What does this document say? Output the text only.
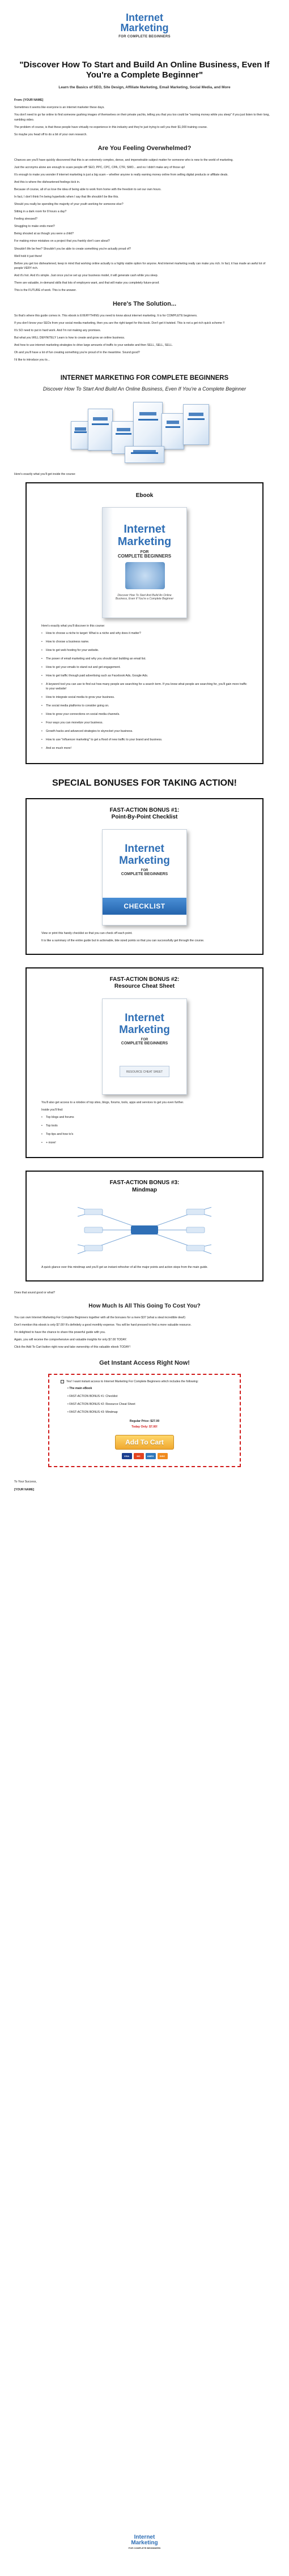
Internet
Marketing
FOR COMPLETE BEGINNERS
"Discover How To Start and Build An Online Business, Even If You're a Complete Beginner"
Learn the Basics of SEO, Site Design, Affiliate Marketing, Email Marketing, Social Media, and More

From: [YOUR NAME]

Sometimes it seems like everyone is an internet marketer these days.

You don't need to go far online to find someone gushing images of themselves on their private yachts, telling you that you too could be "earning money while you sleep" if you just listen to their long, rambling video.

The problem of course, is that these people have virtually no experience in this industry and they're just trying to sell you their $1,000 training course.

So maybe you head off to do a bit of your own research.

Are You Feeling Overwhelmed?

Chances are you'll have quickly discovered that this is an extremely complex, dense, and impenetrable subject matter for someone who is new to the world of marketing.

Just the acronyms alone are enough to scare people off! SEO, PPC, CPC, CPA, CTR, SMO... and no I didn't make any of those up!

It's enough to make you wonder if internet marketing is just a big scam – whether anyone is really earning money online from selling digital products or affiliate deals.

And this is where the disheartened feelings kick in.

Because of course, all of us love the idea of being able to work from home with the freedom to set our own hours.

In fact, I don't think I'm being hyperbolic when I say that life shouldn't be like this.

Should you really be spending the majority of your youth working for someone else?

Sitting in a dark room for 8 hours a day?

Feeling stressed?

Struggling to make ends meet?

Being shouted at as though you were a child?

For making minor mistakes on a project that you frankly don't care about?

Shouldn't life be free? Shouldn't you be able to create something you're actually proud of?

Well hold it just there!

Before you get too disheartened, keep in mind that working online actually is a highly viable option for anyone. And internet marketing really can make you rich. In fact, it has made an awful lot of people VERY rich.

And it's hot. And it's simple. Just once you've set up your business model, it will generate cash while you sleep.

There are valuable, in-demand skills that lots of employers want, and that will make you completely future-proof.

This is the FUTURE of work. This is the answer.

Here's The Solution...

So that's where this guide comes in. This ebook is EVERYTHING you need to know about internet marketing. It is for COMPLETE beginners.

If you don't know your SEOs from your social media marketing, then you are the right target for this book. Don't get it twisted. This is not a get rich quick scheme !!

It's SO need to put in hard work. And I'm not making any promises.

But what you WILL DEFINITELY Learn is how to create and grow an online business.

And how to use internet marketing strategies to drive large amounts of traffic to your website and then SELL, SELL, SELL.

Oh and you'll have a lot of fun creating something you're proud of in the meantime. Sound good?

I'd like to introduce you to...

INTERNET MARKETING FOR COMPLETE BEGINNERS
Discover How To Start And Build An Online Business, Even If You're a Complete Beginner

Here's exactly what you'll get inside the course:

Ebook
Internet
Marketing
FOR
COMPLETE BEGINNERS
Discover How To Start And Build An Online Business, Even If You're a Complete Beginner

Here's exactly what you'll discover in this course:

• How to choose a niche to target: What is a niche and why does it matter?
• How to choose a business name.
• How to get web hosting for your website.
• The power of email marketing and why you should start building an email list.
• How to get your emails to stand out and get engagement.
• How to get traffic through paid advertising such as Facebook Ads, Google Ads.
• A keyword tool you can use to find out how many people are searching for a search term. If you know what people are searching for, you'll gain more traffic to your website!
• How to integrate social media to grow your business.
• The social media platforms to consider going on.
• How to grow your connections on social media channels.
• Four ways you can monetize your business.
• Growth hacks and advanced strategies to skyrocket your business.
• How to use "influencer marketing" to get a flood of new traffic to your brand and business.
• And so much more!
SPECIAL BONUSES FOR TAKING ACTION!
FAST-ACTION BONUS #1:
Point-By-Point Checklist
Internet
Marketing
FOR
COMPLETE BEGINNERS
CHECKLIST

View or print this handy checklist so that you can check off each point.

It is like a summary of the entire guide but in actionable, bite sized points so that you can successfully get through the course.

FAST-ACTION BONUS #2:
Resource Cheat Sheet
Internet
Marketing
FOR
COMPLETE BEGINNERS
RESOURCE CHEAT SHEET

You'll also get access to a rolodex of top sites, blogs, forums, tools, apps and services to get you even further.

Inside you'll find:

• Top blogs and forums
• Top tools
• Top tips and how to's
• + more!
FAST-ACTION BONUS #3:
Mindmap

A quick glance over this mindmap and you'll get an instant refresher of all the major points and action steps from the main guide.

Does that sound good or what?

How Much Is All This Going To Cost You?

You can own Internet Marketing For Complete Beginners together with all the bonuses for a mere $37 (what a steal incredible deal!)

Don't mention this ebook is only $7.00! It's definitely a good monthly expense. You will be hard pressed to find a more valuable resource.

I'm delighted to have the chance to share this powerful guide with you.

Again, you will receive the comprehensive and valuable insights for only $7.00 TODAY.

Click the Add To Cart button right now and take ownership of this valuable ebook TODAY!

Get Instant Access Right Now!
Yes! I want instant access to Internet Marketing For Complete Beginners which includes the following:
• The main eBook
• FAST-ACTION BONUS #1: Checklist
• FAST-ACTION BONUS #2: Resource Cheat Sheet
• FAST-ACTION BONUS #3: Mindmap
Regular Price: $27.00
Today Only: $7.00!
Add To Cart
VISA	MC	AMEX	DISC

To Your Success,

[YOUR NAME]

Internet
Marketing
FOR COMPLETE BEGINNERS
